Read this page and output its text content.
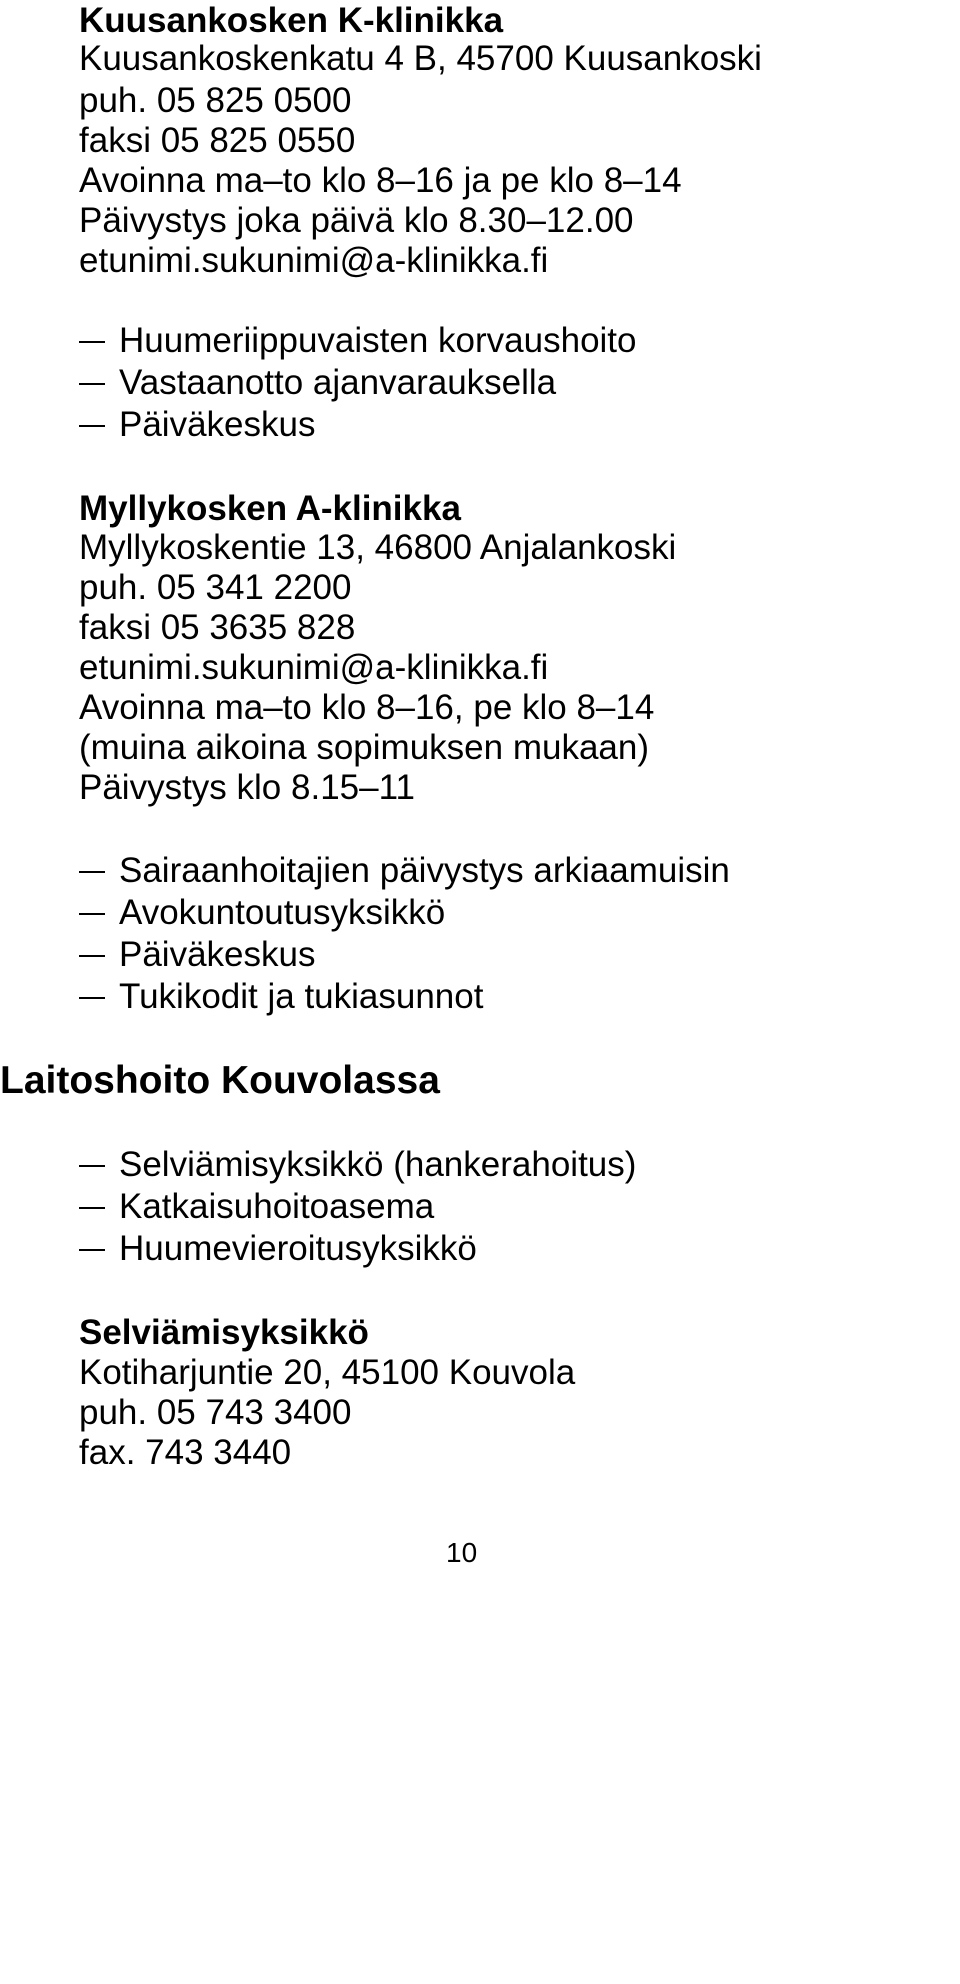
Kuusankosken K-klinikka
Kuusankoskenkatu 4 B, 45700 Kuusankoski
puh. 05 825 0500
faksi 05 825 0550
Avoinna ma–to klo 8–16 ja pe klo 8–14
Päivystys joka päivä klo 8.30–12.00
etunimi.sukunimi@a-klinikka.fi
Huumeriippuvaisten korvaushoito
Vastaanotto ajanvarauksella
Päiväkeskus
Myllykosken A-klinikka
Myllykoskentie 13, 46800 Anjalankoski
puh. 05 341 2200
faksi 05 3635 828
etunimi.sukunimi@a-klinikka.fi
Avoinna ma–to klo 8–16, pe klo 8–14
(muina aikoina sopimuksen mukaan)
Päivystys klo 8.15–11
Sairaanhoitajien päivystys arkiaamuisin
Avokuntoutusyksikkö
Päiväkeskus
Tukikodit ja tukiasunnot
Laitoshoito Kouvolassa
Selviämisyksikkö (hankerahoitus)
Katkaisuhoitoasema
Huumevieroitusyksikkö
Selviämisyksikkö
Kotiharjuntie 20, 45100 Kouvola
puh. 05 743 3400
fax. 743 3440
10
